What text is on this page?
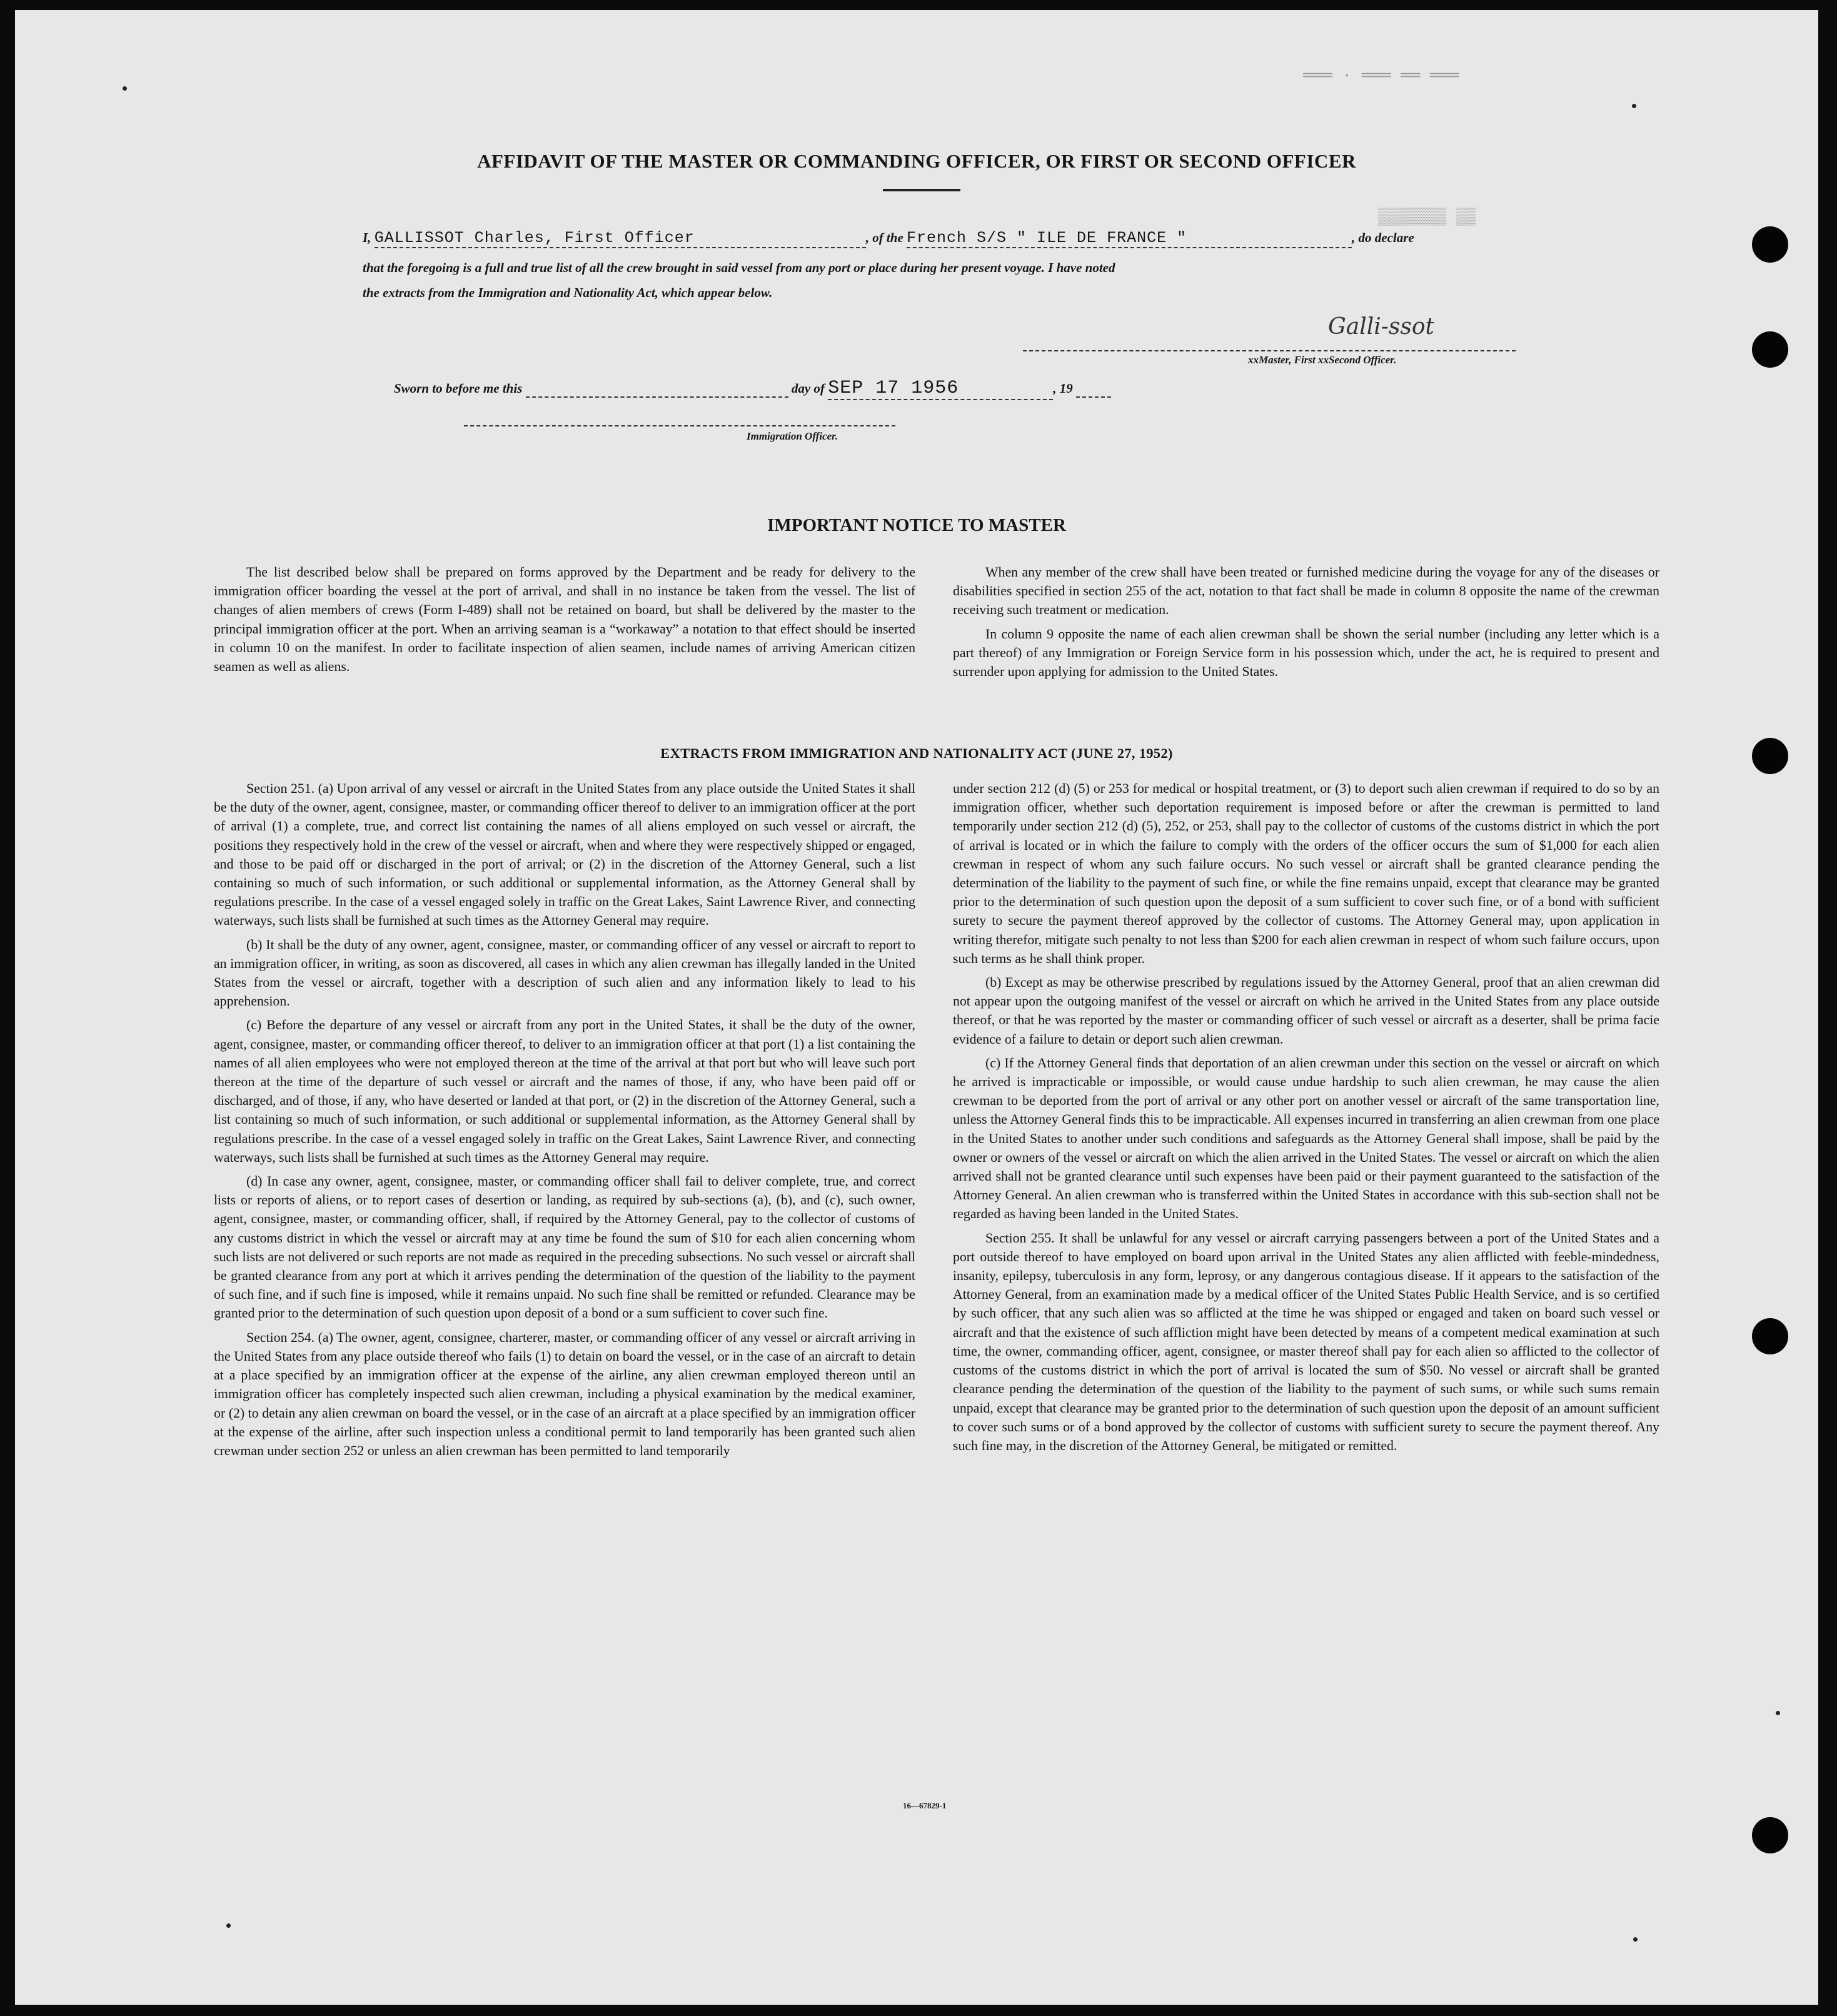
═══ · ═══ ══ ═══
▒▒▒▒▒▒▒ ▒▒
AFFIDAVIT OF THE MASTER OR COMMANDING OFFICER, OR FIRST OR SECOND OFFICER
I, GALLISSOT Charles, First Officer	, of the French S/S " ILE DE FRANCE "	, do declare
that the foregoing is a full and true list of all the crew brought in said vessel from any port or place during her present voyage. I have noted
the extracts from the Immigration and Nationality Act, which appear below.
Galli-ssot
xxMaster, First xxSecond Officer.
Sworn to before me this	day of SEP 17 1956	, 19
Immigration Officer.
IMPORTANT NOTICE TO MASTER

The list described below shall be prepared on forms approved by the Department and be ready for delivery to the immigration officer boarding the vessel at the port of arrival, and shall in no instance be taken from the vessel. The list of changes of alien members of crews (Form I-489) shall not be retained on board, but shall be delivered by the master to the principal immigration officer at the port. When an arriving seaman is a “workaway” a notation to that effect should be inserted in column 10 on the manifest. In order to facilitate inspection of alien seamen, include names of arriving American citizen seamen as well as aliens.

When any member of the crew shall have been treated or furnished medicine during the voyage for any of the diseases or disabilities specified in section 255 of the act, notation to that fact shall be made in column 8 opposite the name of the crewman receiving such treatment or medication.

In column 9 opposite the name of each alien crewman shall be shown the serial number (including any letter which is a part thereof) of any Immigration or Foreign Service form in his possession which, under the act, he is required to present and surrender upon applying for admission to the United States.

EXTRACTS FROM IMMIGRATION AND NATIONALITY ACT (JUNE 27, 1952)

Section 251. (a) Upon arrival of any vessel or aircraft in the United States from any place outside the United States it shall be the duty of the owner, agent, consignee, master, or commanding officer thereof to deliver to an immigration officer at the port of arrival (1) a complete, true, and correct list containing the names of all aliens employed on such vessel or aircraft, the positions they respectively hold in the crew of the vessel or aircraft, when and where they were respectively shipped or engaged, and those to be paid off or discharged in the port of arrival; or (2) in the discretion of the Attorney General, such a list containing so much of such information, or such additional or supplemental information, as the Attorney General shall by regulations prescribe. In the case of a vessel engaged solely in traffic on the Great Lakes, Saint Lawrence River, and connecting waterways, such lists shall be furnished at such times as the Attorney General may require.

(b) It shall be the duty of any owner, agent, consignee, master, or commanding officer of any vessel or aircraft to report to an immigration officer, in writing, as soon as discovered, all cases in which any alien crewman has illegally landed in the United States from the vessel or aircraft, together with a description of such alien and any information likely to lead to his apprehension.

(c) Before the departure of any vessel or aircraft from any port in the United States, it shall be the duty of the owner, agent, consignee, master, or commanding officer thereof, to deliver to an immigration officer at that port (1) a list containing the names of all alien employees who were not employed thereon at the time of the arrival at that port but who will leave such port thereon at the time of the departure of such vessel or aircraft and the names of those, if any, who have been paid off or discharged, and of those, if any, who have deserted or landed at that port, or (2) in the discretion of the Attorney General, such a list containing so much of such information, or such additional or supplemental information, as the Attorney General shall by regulations prescribe. In the case of a vessel engaged solely in traffic on the Great Lakes, Saint Lawrence River, and connecting waterways, such lists shall be furnished at such times as the Attorney General may require.

(d) In case any owner, agent, consignee, master, or commanding officer shall fail to deliver complete, true, and correct lists or reports of aliens, or to report cases of desertion or landing, as required by sub-sections (a), (b), and (c), such owner, agent, consignee, master, or commanding officer, shall, if required by the Attorney General, pay to the collector of customs of any customs district in which the vessel or aircraft may at any time be found the sum of $10 for each alien concerning whom such lists are not delivered or such reports are not made as required in the preceding subsections. No such vessel or aircraft shall be granted clearance from any port at which it arrives pending the determination of the question of the liability to the payment of such fine, and if such fine is imposed, while it remains unpaid. No such fine shall be remitted or refunded. Clearance may be granted prior to the determination of such question upon deposit of a bond or a sum sufficient to cover such fine.

Section 254. (a) The owner, agent, consignee, charterer, master, or commanding officer of any vessel or aircraft arriving in the United States from any place outside thereof who fails (1) to detain on board the vessel, or in the case of an aircraft to detain at a place specified by an immigration officer at the expense of the airline, any alien crewman employed thereon until an immigration officer has completely inspected such alien crewman, including a physical examination by the medical examiner, or (2) to detain any alien crewman on board the vessel, or in the case of an aircraft at a place specified by an immigration officer at the expense of the airline, after such inspection unless a conditional permit to land temporarily has been granted such alien crewman under section 252 or unless an alien crewman has been permitted to land temporarily

under section 212 (d) (5) or 253 for medical or hospital treatment, or (3) to deport such alien crewman if required to do so by an immigration officer, whether such deportation requirement is imposed before or after the crewman is permitted to land temporarily under section 212 (d) (5), 252, or 253, shall pay to the collector of customs of the customs district in which the port of arrival is located or in which the failure to comply with the orders of the officer occurs the sum of $1,000 for each alien crewman in respect of whom any such failure occurs. No such vessel or aircraft shall be granted clearance pending the determination of the liability to the payment of such fine, or while the fine remains unpaid, except that clearance may be granted prior to the determination of such question upon the deposit of a sum sufficient to cover such fine, or of a bond with sufficient surety to secure the payment thereof approved by the collector of customs. The Attorney General may, upon application in writing therefor, mitigate such penalty to not less than $200 for each alien crewman in respect of whom such failure occurs, upon such terms as he shall think proper.

(b) Except as may be otherwise prescribed by regulations issued by the Attorney General, proof that an alien crewman did not appear upon the outgoing manifest of the vessel or aircraft on which he arrived in the United States from any place outside thereof, or that he was reported by the master or commanding officer of such vessel or aircraft as a deserter, shall be prima facie evidence of a failure to detain or deport such alien crewman.

(c) If the Attorney General finds that deportation of an alien crewman under this section on the vessel or aircraft on which he arrived is impracticable or impossible, or would cause undue hardship to such alien crewman, he may cause the alien crewman to be deported from the port of arrival or any other port on another vessel or aircraft of the same transportation line, unless the Attorney General finds this to be impracticable. All expenses incurred in transferring an alien crewman from one place in the United States to another under such conditions and safeguards as the Attorney General shall impose, shall be paid by the owner or owners of the vessel or aircraft on which the alien arrived in the United States. The vessel or aircraft on which the alien arrived shall not be granted clearance until such expenses have been paid or their payment guaranteed to the satisfaction of the Attorney General. An alien crewman who is transferred within the United States in accordance with this sub-section shall not be regarded as having been landed in the United States.

Section 255. It shall be unlawful for any vessel or aircraft carrying passengers between a port of the United States and a port outside thereof to have employed on board upon arrival in the United States any alien afflicted with feeble-mindedness, insanity, epilepsy, tuberculosis in any form, leprosy, or any dangerous contagious disease. If it appears to the satisfaction of the Attorney General, from an examination made by a medical officer of the United States Public Health Service, and is so certified by such officer, that any such alien was so afflicted at the time he was shipped or engaged and taken on board such vessel or aircraft and that the existence of such affliction might have been detected by means of a competent medical examination at such time, the owner, commanding officer, agent, consignee, or master thereof shall pay for each alien so afflicted to the collector of customs of the customs district in which the port of arrival is located the sum of $50. No vessel or aircraft shall be granted clearance pending the determination of the question of the liability to the payment of such sums, or while such sums remain unpaid, except that clearance may be granted prior to the determination of such question upon the deposit of an amount sufficient to cover such sums or of a bond approved by the collector of customs with sufficient surety to secure the payment thereof. Any such fine may, in the discretion of the Attorney General, be mitigated or remitted.

16—67829-1
